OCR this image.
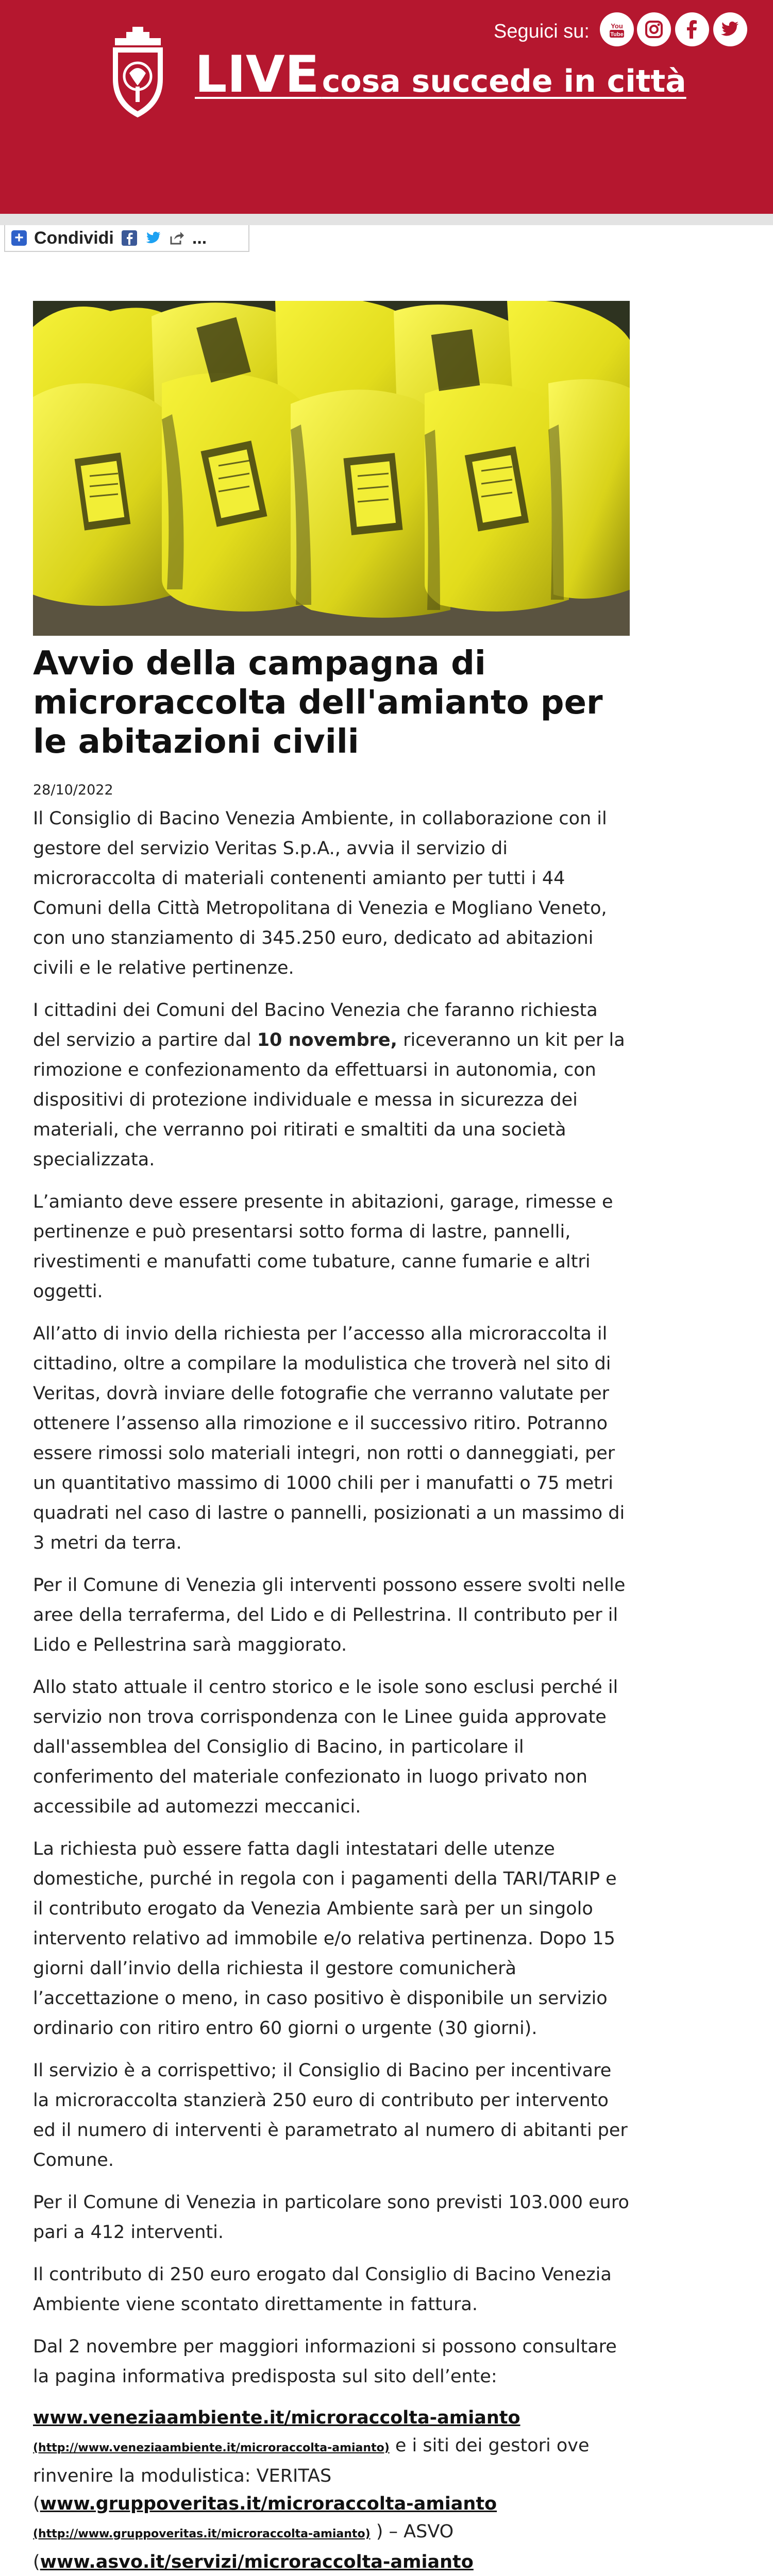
Seguici su:	You
Tube
LIVE cosa succede in città
+ Condividi	...
Avvio della campagna di microraccolta dell'amianto per le abitazioni civili
28/10/2022

Il Consiglio di Bacino Venezia Ambiente, in collaborazione con il gestore del servizio Veritas S.p.A., avvia il servizio di microraccolta di materiali contenenti amianto per tutti i 44 Comuni della Città Metropolitana di Venezia e Mogliano Veneto, con uno stanziamento di 345.250 euro, dedicato ad abitazioni civili e le relative pertinenze.

I cittadini dei Comuni del Bacino Venezia che faranno richiesta del servizio a partire dal 10 novembre, riceveranno un kit per la rimozione e confezionamento da effettuarsi in autonomia, con dispositivi di protezione individuale e messa in sicurezza dei materiali, che verranno poi ritirati e smaltiti da una società specializzata.

L’amianto deve essere presente in abitazioni, garage, rimesse e pertinenze e può presentarsi sotto forma di lastre, pannelli, rivestimenti e manufatti come tubature, canne fumarie e altri oggetti.

All’atto di invio della richiesta per l’accesso alla microraccolta il cittadino, oltre a compilare la modulistica che troverà nel sito di Veritas, dovrà inviare delle fotografie che verranno valutate per ottenere l’assenso alla rimozione e il successivo ritiro. Potranno essere rimossi solo materiali integri, non rotti o danneggiati, per un quantitativo massimo di 1000 chili per i manufatti o 75 metri quadrati nel caso di lastre o pannelli, posizionati a un massimo di 3 metri da terra.

Per il Comune di Venezia gli interventi possono essere svolti nelle aree della terraferma, del Lido e di Pellestrina. Il contributo per il Lido e Pellestrina sarà maggiorato.

Allo stato attuale il centro storico e le isole sono esclusi perché il servizio non trova corrispondenza con le Linee guida approvate dall'assemblea del Consiglio di Bacino, in particolare il conferimento del materiale confezionato in luogo privato non accessibile ad automezzi meccanici.

La richiesta può essere fatta dagli intestatari delle utenze domestiche, purché in regola con i pagamenti della TARI/TARIP e il contributo erogato da Venezia Ambiente sarà per un singolo intervento relativo ad immobile e/o relativa pertinenza. Dopo 15 giorni dall’invio della richiesta il gestore comunicherà l’accettazione o meno, in caso positivo è disponibile un servizio ordinario con ritiro entro 60 giorni o urgente (30 giorni).

Il servizio è a corrispettivo; il Consiglio di Bacino per incentivare la microraccolta stanzierà 250 euro di contributo per intervento ed il numero di interventi è parametrato al numero di abitanti per Comune.

Per il Comune di Venezia in particolare sono previsti 103.000 euro pari a 412 interventi.

Il contributo di 250 euro erogato dal Consiglio di Bacino Venezia Ambiente viene scontato direttamente in fattura.

Dal 2 novembre per maggiori informazioni si possono consultare la pagina informativa predisposta sul sito dell’ente:

www.veneziaambiente.it/microraccolta-amianto
(http://www.veneziaambiente.it/microraccolta-amianto) e i siti dei gestori ove rinvenire la modulistica: VERITAS (www.gruppoveritas.it/microraccolta-amianto
(http://www.gruppoveritas.it/microraccolta-amianto) ) – ASVO (www.asvo.it/servizi/microraccolta-amianto
